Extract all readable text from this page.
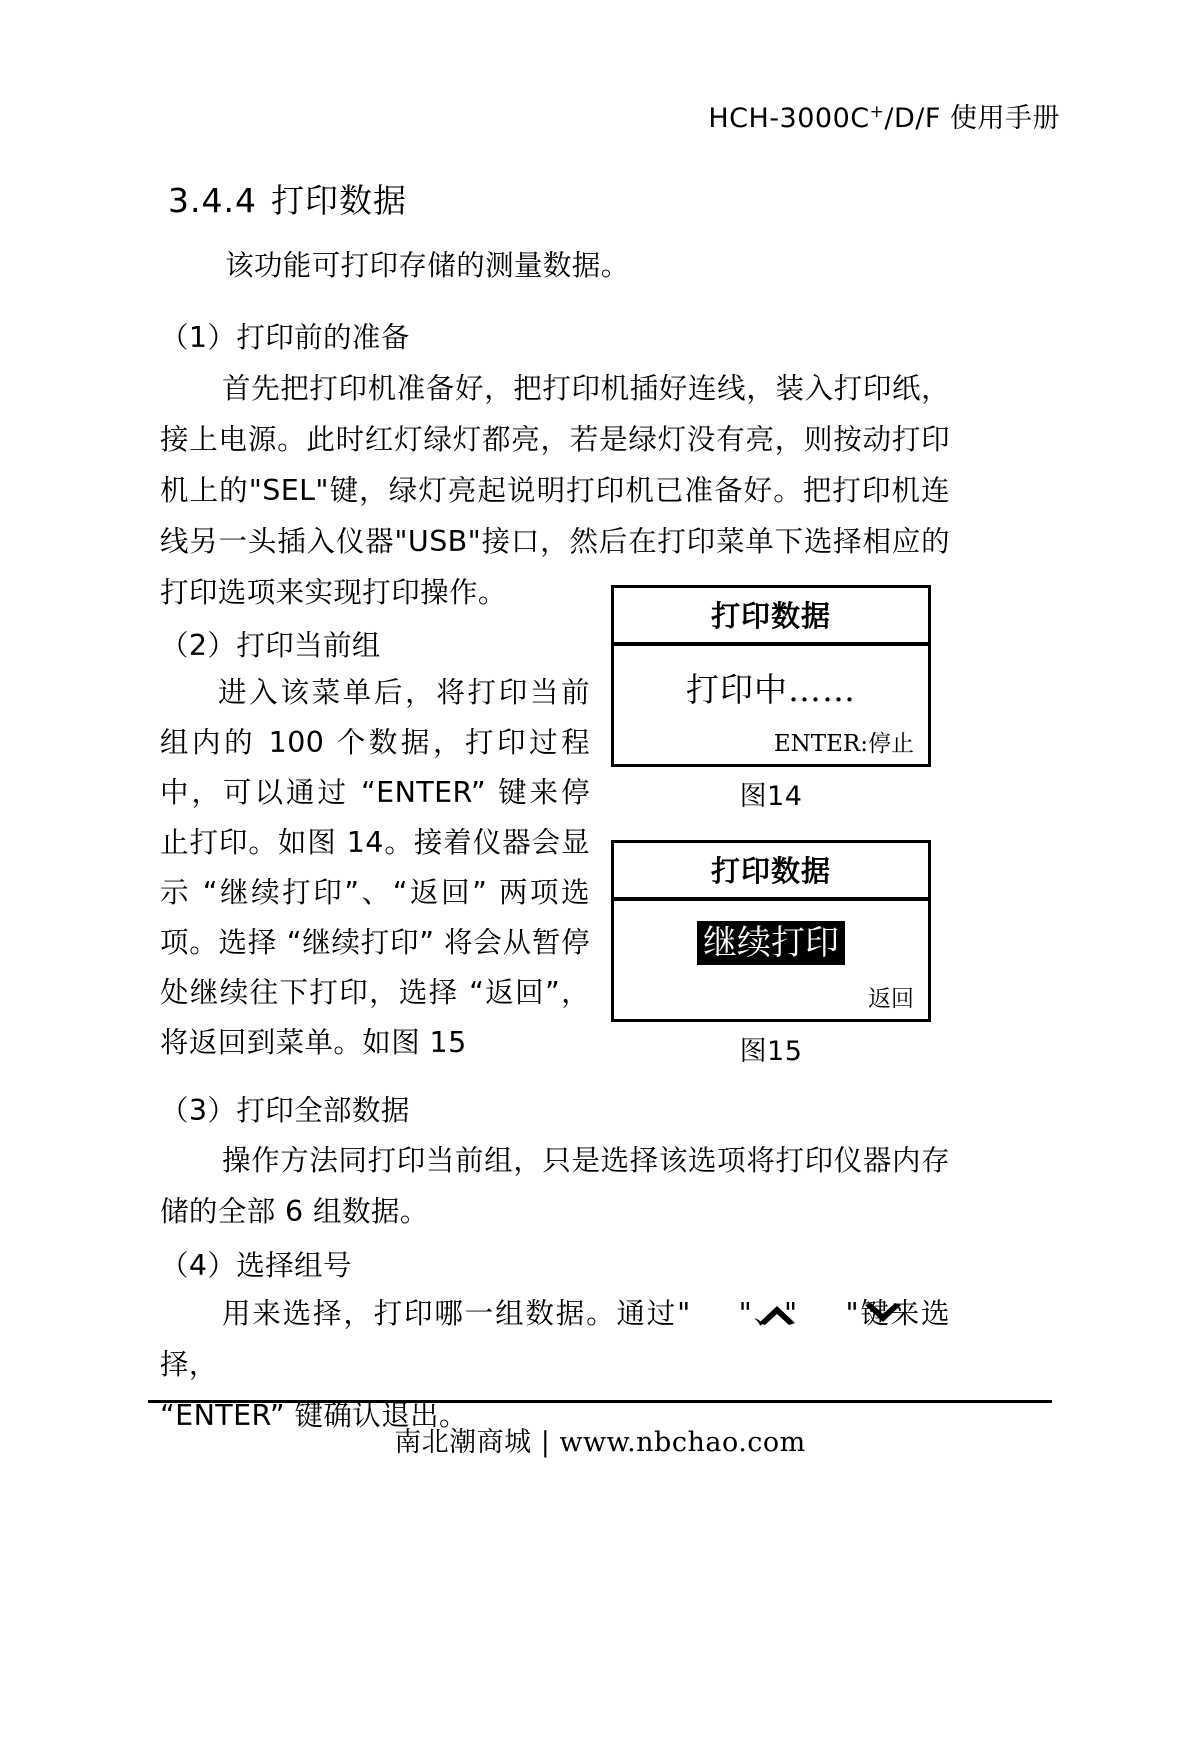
HCH-3000C+/D/F 使用手册
3.4.4 打印数据
该功能可打印存储的测量数据。
（1）打印前的准备
首先把打印机准备好，把打印机插好连线，装入打印纸，接上电源。此时红灯绿灯都亮，若是绿灯没有亮，则按动打印机上的"SEL"键，绿灯亮起说明打印机已准备好。把打印机连线另一头插入仪器"USB"接口，然后在打印菜单下选择相应的打印选项来实现打印操作。
（2）打印当前组
进入该菜单后，将打印当前组内的 100 个数据，打印过程中，可以通过 “ENTER” 键来停止打印。如图 14。接着仪器会显示 “继续打印”、“返回” 两项选项。选择 “继续打印” 将会从暂停处继续往下打印，选择 “返回”，将返回到菜单。如图 15
打印数据
打印中……
ENTER:停止
图14
打印数据
继续打印
返回
图15
（3）打印全部数据
操作方法同打印当前组，只是选择该选项将打印仪器内存储的全部 6 组数据。
（4）选择组号
用来选择，打印哪一组数据。通过" "、" "键来选择，
“ENTER” 键确认退出。
南北潮商城 | www.nbchao.com
